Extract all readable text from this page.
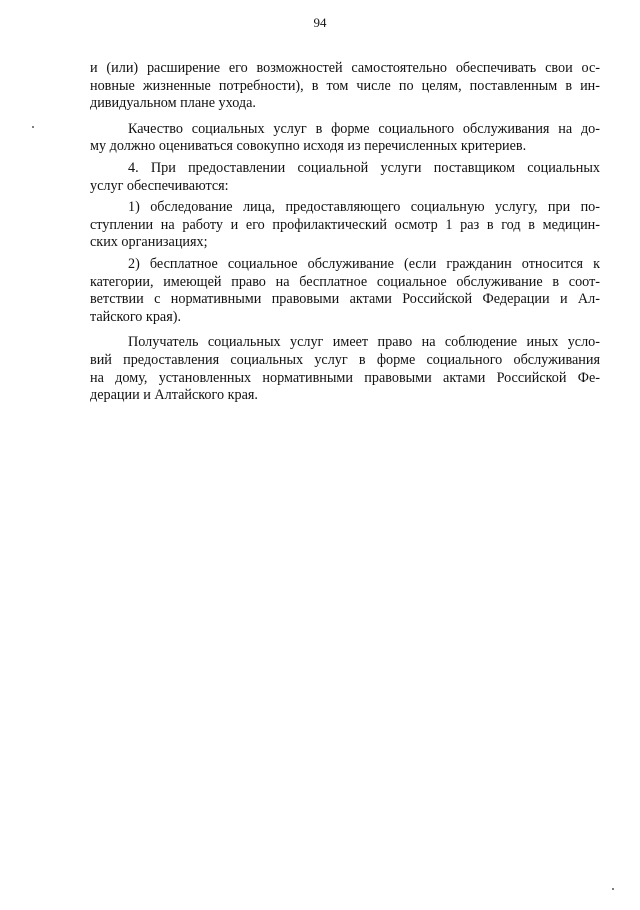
94

и (или) расширение его возможностей самостоятельно обеспечивать свои ос-
новные жизненные потребности), в том числе по целям, поставленным в ин-
дивидуальном плане ухода.

Качество социальных услуг в форме социального обслуживания на до-
му должно оцениваться совокупно исходя из перечисленных критериев.

4. При предоставлении социальной услуги поставщиком социальных
услуг обеспечиваются:

1) обследование лица, предоставляющего социальную услугу, при по-
ступлении на работу и его профилактический осмотр 1 раз в год в медицин-
ских организациях;

2) бесплатное социальное обслуживание (если гражданин относится к
категории, имеющей право на бесплатное социальное обслуживание в соот-
ветствии с нормативными правовыми актами Российской Федерации и Ал-
тайского края).

Получатель социальных услуг имеет право на соблюдение иных усло-
вий предоставления социальных услуг в форме социального обслуживания
на дому, установленных нормативными правовыми актами Российской Фе-
дерации и Алтайского края.
